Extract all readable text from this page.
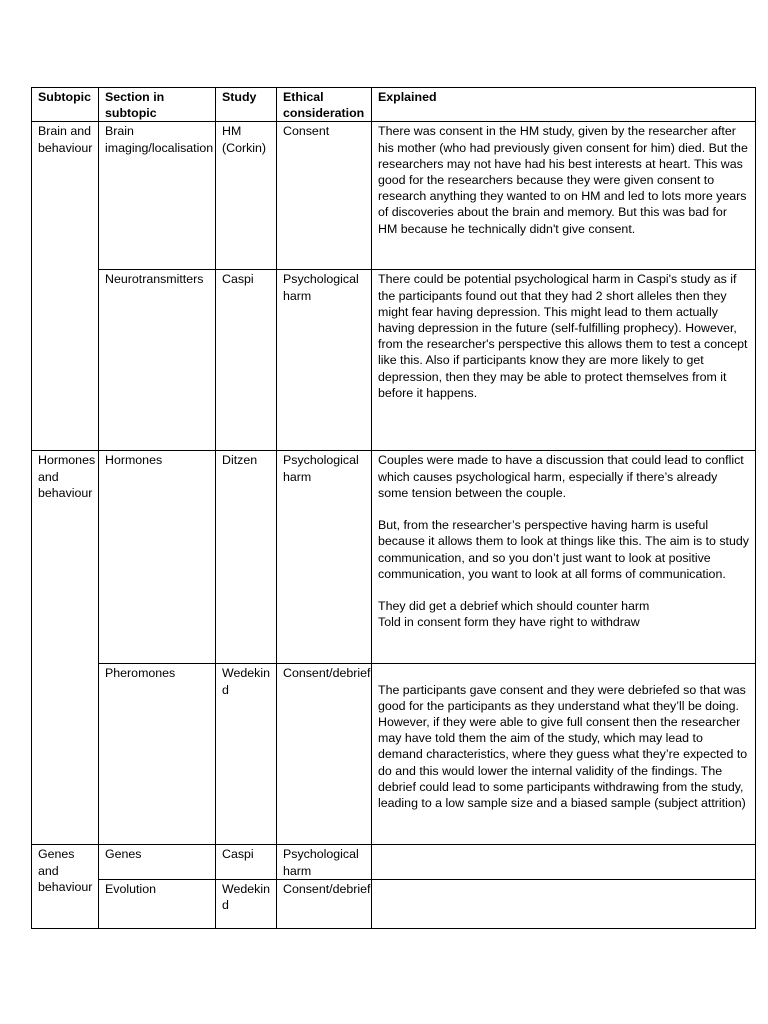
Subtopic	Section in subtopic	Study	Ethical consideration	Explained
Brain and behaviour	Brain imaging/localisation	HM (Corkin)	Consent	There was consent in the HM study, given by the researcher after his mother (who had previously given consent for him) died. But the researchers may not have had his best interests at heart. This was good for the researchers because they were given consent to research anything they wanted to on HM and led to lots more years of discoveries about the brain and memory. But this was bad for HM because he technically didn't give consent.
	Neurotransmitters	Caspi	Psychological harm	There could be potential psychological harm in Caspi's study as if the participants found out that they had 2 short alleles then they might fear having depression. This might lead to them actually having depression in the future (self-fulfilling prophecy). However, from the researcher's perspective this allows them to test a concept like this. Also if participants know they are more likely to get depression, then they may be able to protect themselves from it before it happens.
Hormones and behaviour	Hormones	Ditzen	Psychological harm	Couples were made to have a discussion that could lead to conflict which causes psychological harm, especially if there’s already some tension between the couple.
But, from the researcher’s perspective having harm is useful because it allows them to look at things like this. The aim is to study communication, and so you don’t just want to look at positive communication, you want to look at all forms of communication.
They did get a debrief which should counter harm
Told in consent form they have right to withdraw

	Pheromones	Wedekind	Consent/debrief	The participants gave consent and they were debriefed so that was good for the participants as they understand what they’ll be doing. However, if they were able to give full consent then the researcher may have told them the aim of the study, which may lead to demand characteristics, where they guess what they’re expected to do and this would lower the internal validity of the findings. The debrief could lead to some participants withdrawing from the study, leading to a low sample size and a biased sample (subject attrition)

Genes and behaviour	Genes	Caspi	Psychological harm	
	Evolution	Wedekind	Consent/debrief	
